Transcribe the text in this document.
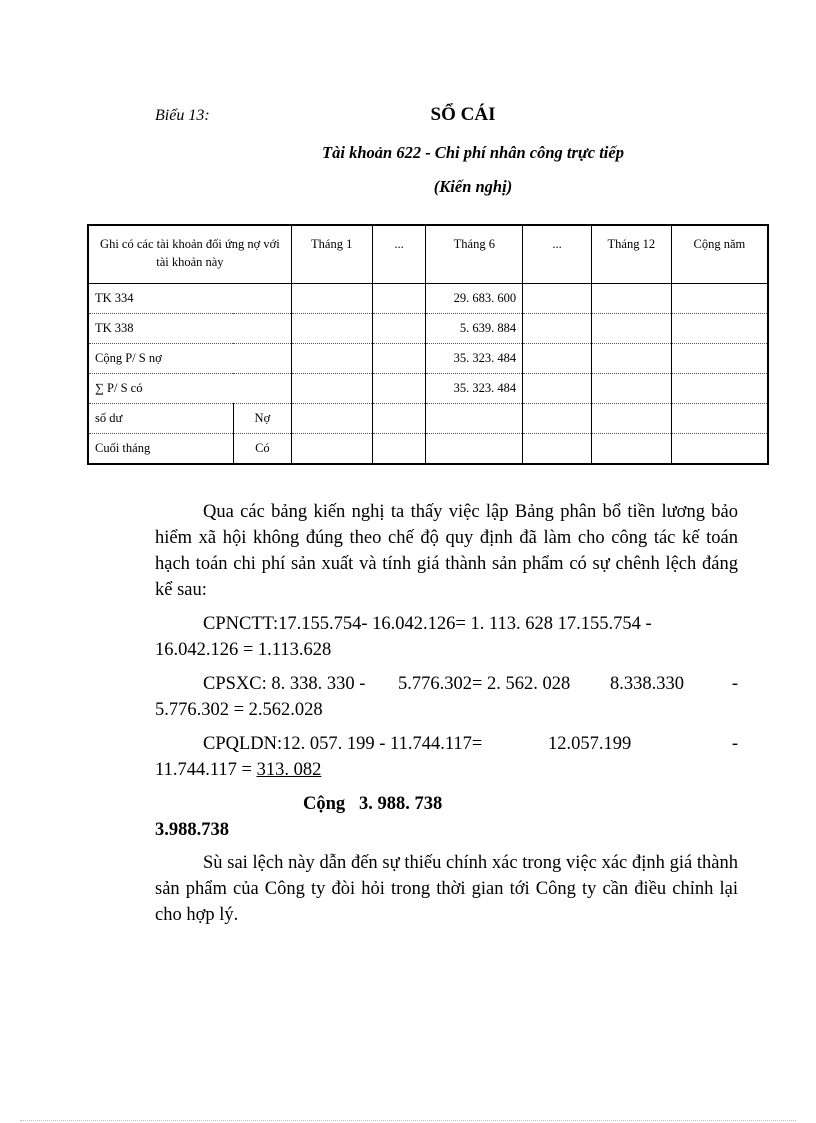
Biểu 13:	SỔ CÁI
Tài khoản 622 - Chi phí nhân công trực tiếp
(Kiến nghị)
Ghi có các tài khoản đối ứng nợ với tài khoản này		Tháng 1	...	Tháng 6	...	Tháng 12	Cộng năm
TK 334				29. 683. 600			
TK 338				5. 639. 884			
Cộng P/ S nợ				35. 323. 484			
∑ P/ S có				35. 323. 484			
số dư	Nợ						
Cuối tháng	Có						
Qua các bảng kiến nghị ta thấy việc lập Bảng phân bổ tiền lương bảo hiểm xã hội không đúng theo chế độ quy định đã làm cho công tác kế toán hạch toán chi phí sản xuất và tính giá thành sản phẩm có sự chênh lệch đáng kể sau:
CPNCTT:17.155.754- 16.042.126= 1. 113. 628 17.155.754 -
16.042.126 = 1.113.628
CPSXC: 8. 338. 330 - 5.776.302= 2. 562. 028 8.338.330	-
5.776.302 = 2.562.028
CPQLDN:12. 057. 199 - 11.744.117=	12.057.199	-
11.744.117 = 313. 082
Cộng 3. 988. 738
3.988.738
Sù sai lệch này dẫn đến sự thiếu chính xác trong việc xác định giá thành sản phẩm của Công ty đòi hỏi trong thời gian tới Công ty cần điều chỉnh lại cho hợp lý.
